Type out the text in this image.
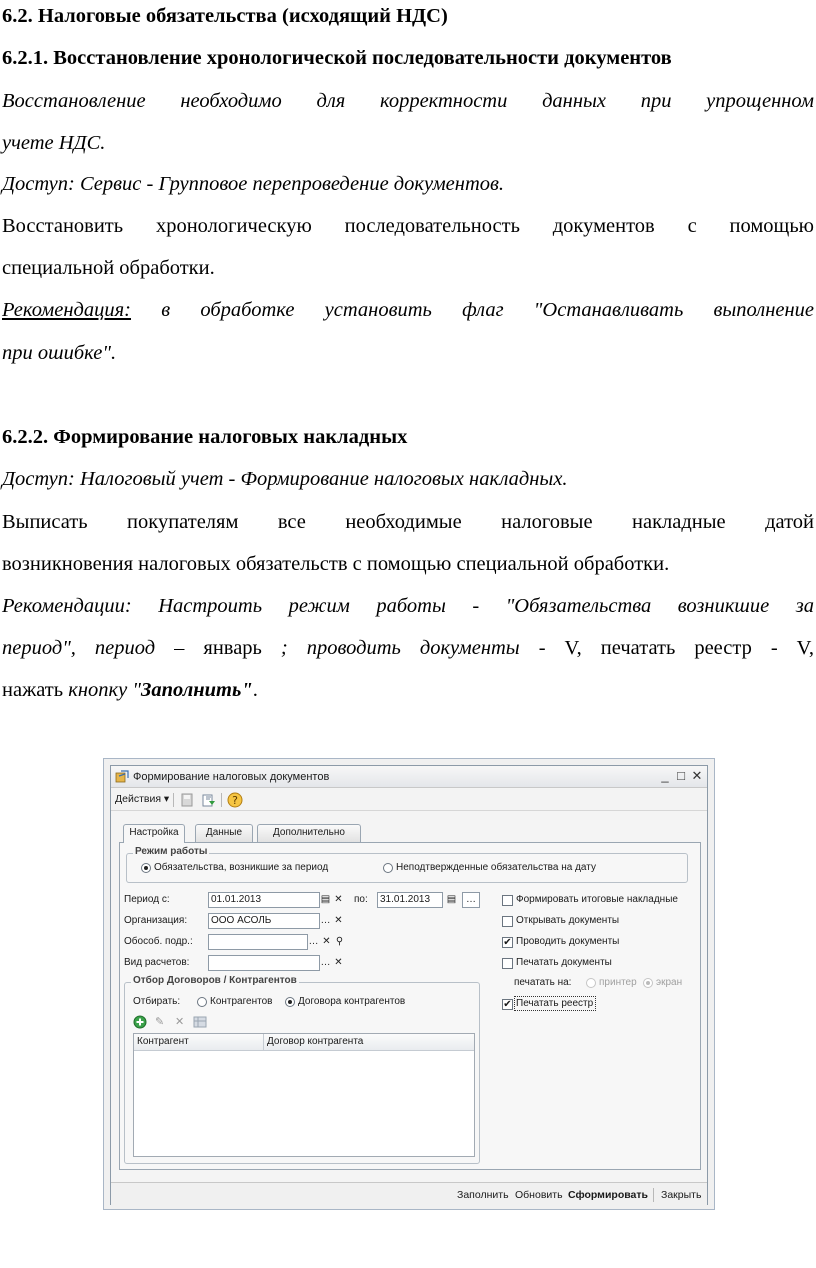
6.2. Налоговые обязательства (исходящий НДС)
6.2.1. Восстановление хронологической последовательности документов
Восстановление необходимо для корректности данных при упрощенном
учете НДС.
Доступ: Сервис - Групповое перепроведение документов.
Восстановить хронологическую последовательность документов с помощью
специальной обработки.
Рекомендация: в обработке установить флаг "Останавливать выполнение
при ошибке".
6.2.2. Формирование налоговых накладных
Доступ: Налоговый учет - Формирование налоговых накладных.
Выписать покупателям все необходимые налоговые накладные датой
возникновения налоговых обязательств с помощью специальной обработки.
Рекомендации: Настроить режим работы - "Обязательства возникшие за
период", период – январь ; проводить документы - V, печатать реестр - V,
нажать кнопку "Заполнить".
Формирование налоговых документов	_ □ ✕
Действия ▾	?
Настройка	Данные	Дополнительно
Режим работы
Обязательства, возникшие за период	Неподтвержденные обязательства на дату
Период с:	01.01.2013	▤ ✕ по:	31.01.2013	▤ …
Организация:	ООО АСОЛЬ	… ✕
Обособ. подр.:	… ✕ ⚲
Вид расчетов:	… ✕
Отбор Договоров / Контрагентов
Отбирать:	Контрагентов	Договора контрагентов
✎ ✕
Контрагент	Договор контрагента
Формировать итоговые накладные
Открывать документы
✔ Проводить документы
Печатать документы
печатать на:	принтер экран
✔ Печатать реестр
Заполнить Обновить Сформировать Закрыть
